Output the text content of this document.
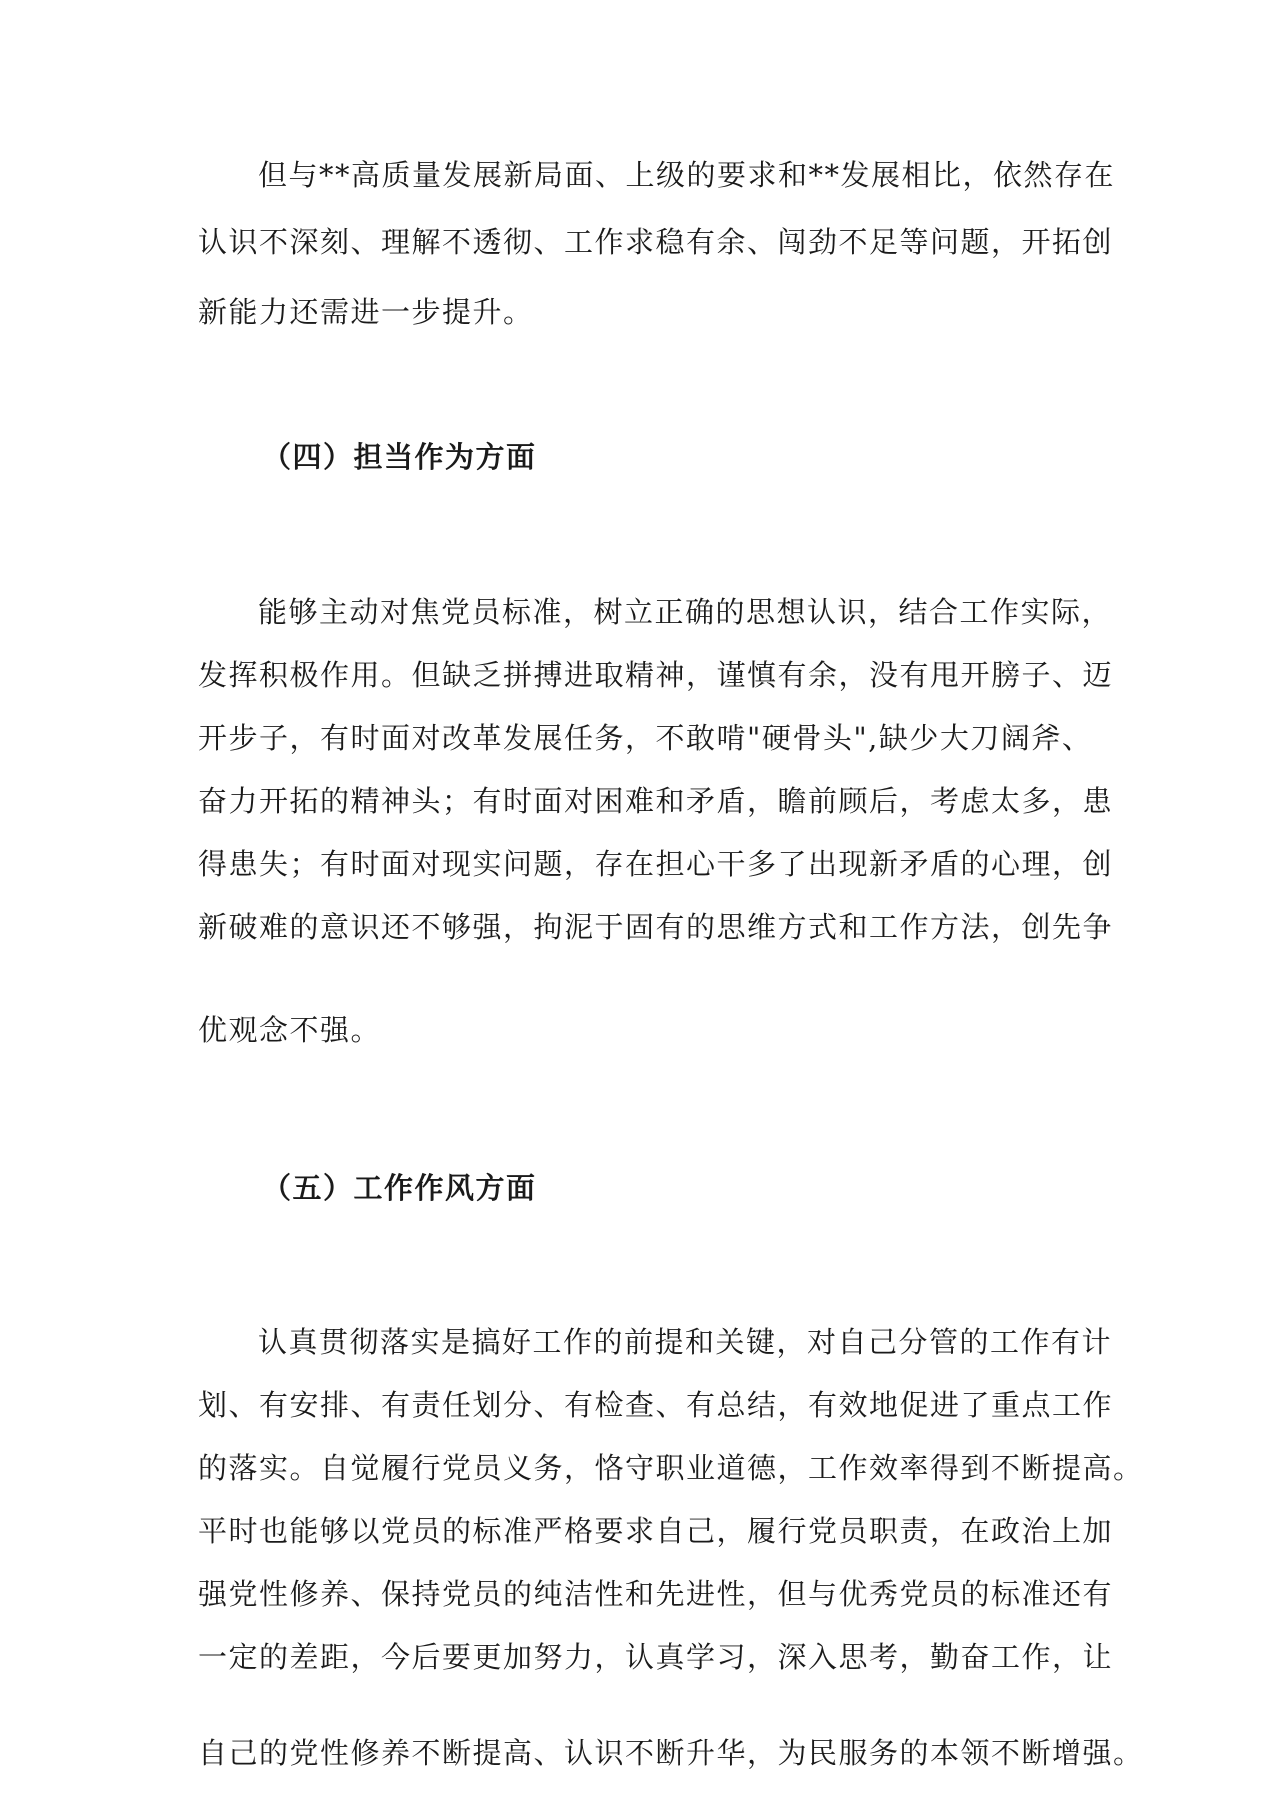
但与**高质量发展新局面、上级的要求和**发展相比，依然存在
认识不深刻、理解不透彻、工作求稳有余、闯劲不足等问题，开拓创
新能力还需进一步提升。
（四）担当作为方面
能够主动对焦党员标准，树立正确的思想认识，结合工作实际，
发挥积极作用。但缺乏拼搏进取精神，谨慎有余，没有甩开膀子、迈
开步子，有时面对改革发展任务，不敢啃"硬骨头",缺少大刀阔斧、
奋力开拓的精神头；有时面对困难和矛盾，瞻前顾后，考虑太多，患
得患失；有时面对现实问题，存在担心干多了出现新矛盾的心理，创
新破难的意识还不够强，拘泥于固有的思维方式和工作方法，创先争
优观念不强。
（五）工作作风方面
认真贯彻落实是搞好工作的前提和关键，对自己分管的工作有计
划、有安排、有责任划分、有检查、有总结，有效地促进了重点工作
的落实。自觉履行党员义务，恪守职业道德，工作效率得到不断提高。
平时也能够以党员的标准严格要求自己，履行党员职责，在政治上加
强党性修养、保持党员的纯洁性和先进性，但与优秀党员的标准还有
一定的差距，今后要更加努力，认真学习，深入思考，勤奋工作，让
自己的党性修养不断提高、认识不断升华，为民服务的本领不断增强。
